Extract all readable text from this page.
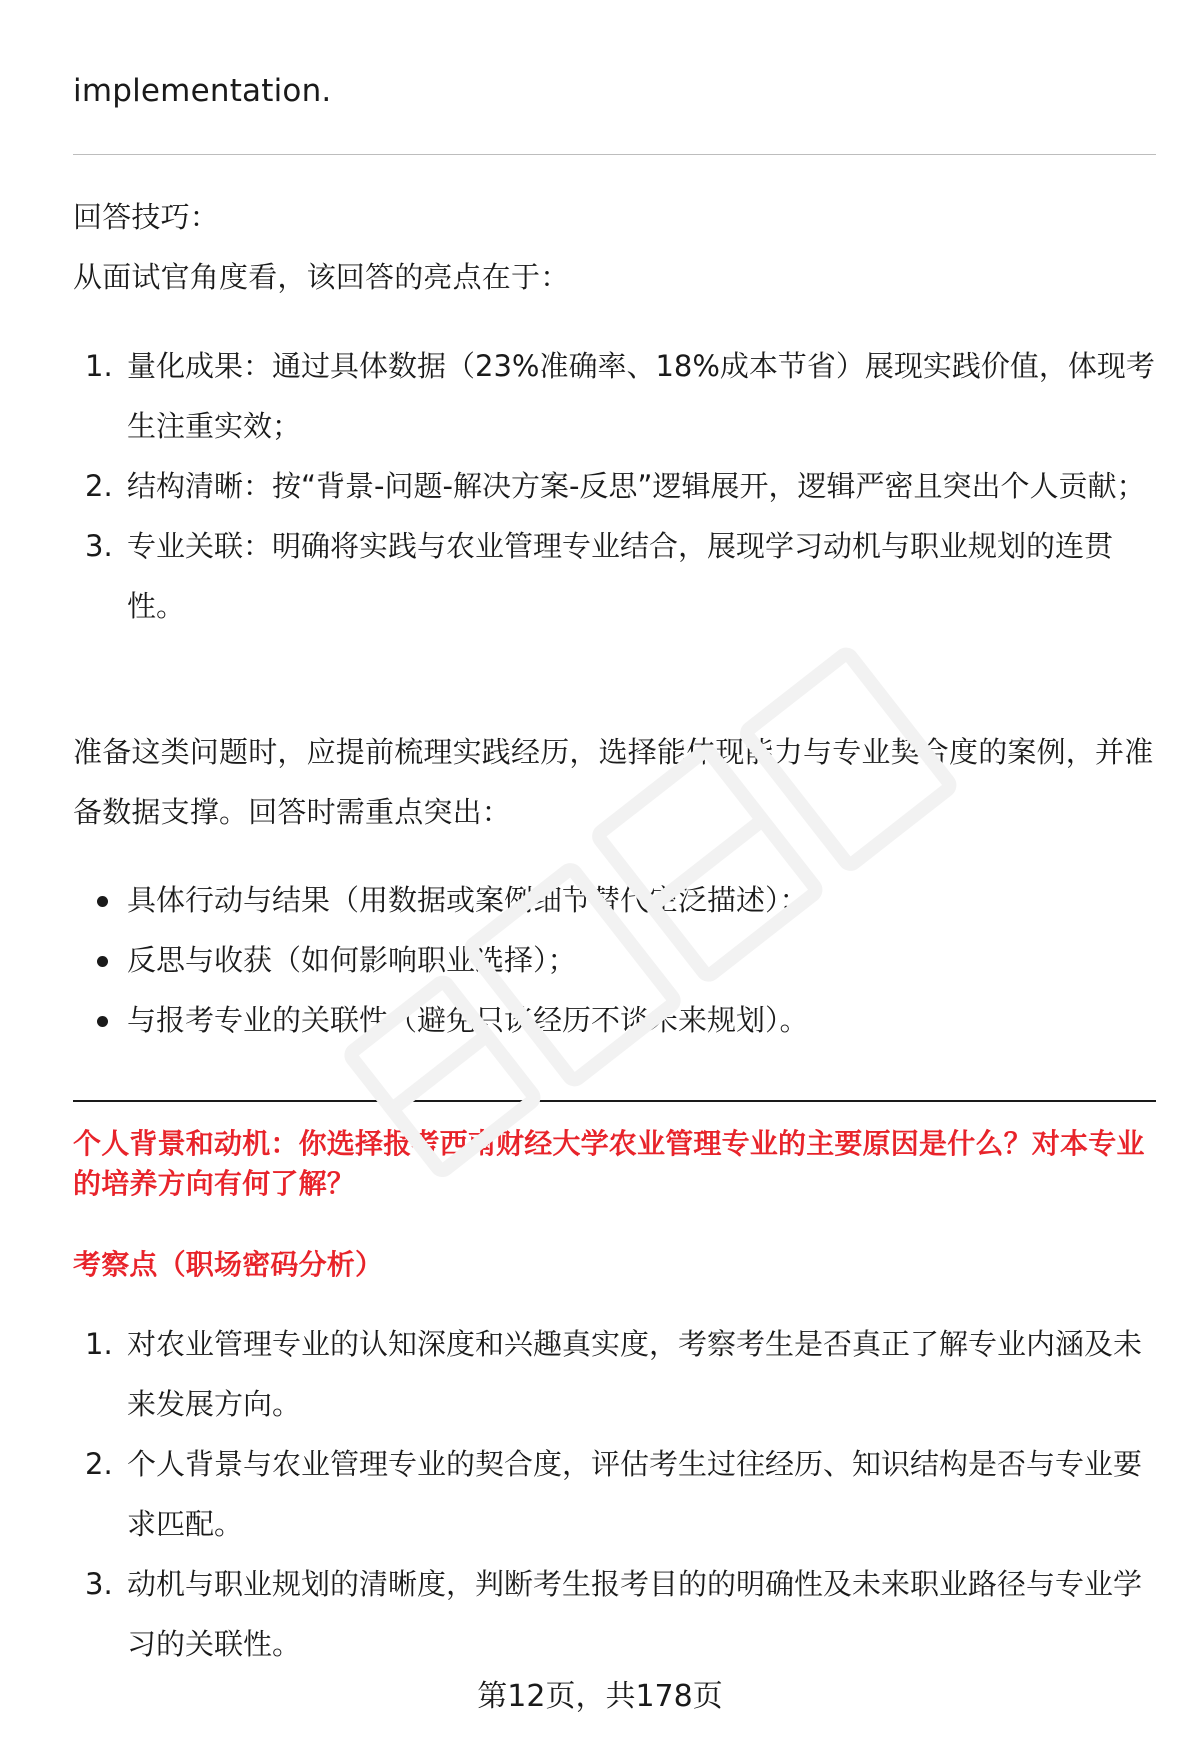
implementation.

回答技巧：

从面试官角度看，该回答的亮点在于：

1. 量化成果：通过具体数据（23%准确率、18%成本节省）展现实践价值，体现考生注重实效；
2. 结构清晰：按“背景-问题-解决方案-反思”逻辑展开，逻辑严密且突出个人贡献；
3. 专业关联：明确将实践与农业管理专业结合，展现学习动机与职业规划的连贯性。

准备这类问题时，应提前梳理实践经历，选择能体现能力与专业契合度的案例，并准备数据支撑。回答时需重点突出：

具体行动与结果（用数据或案例细节替代空泛描述）；
反思与收获（如何影响职业选择）；
与报考专业的关联性（避免只谈经历不谈未来规划）。

个人背景和动机：你选择报考西南财经大学农业管理专业的主要原因是什么？对本专业的培养方向有何了解？

考察点（职场密码分析）

1. 对农业管理专业的认知深度和兴趣真实度，考察考生是否真正了解专业内涵及未来发展方向。
2. 个人背景与农业管理专业的契合度，评估考生过往经历、知识结构是否与专业要求匹配。
3. 动机与职业规划的清晰度，判断考生报考目的的明确性及未来职业路径与专业学习的关联性。
第12页，共178页
